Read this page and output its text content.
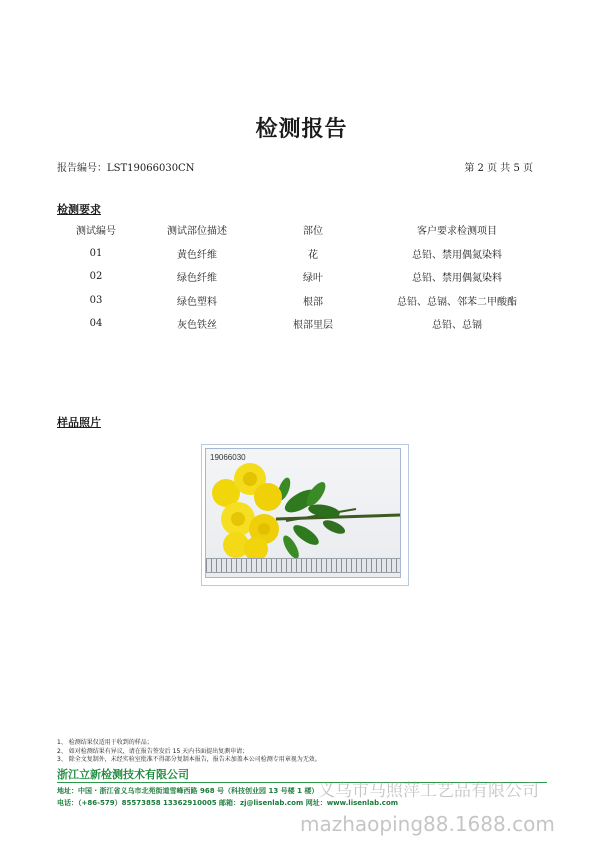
检测报告
报告编号：LST19066030CN	第 2 页 共 5 页
检测要求
测试编号	测试部位描述	部位	客户要求检测项目
01	黄色纤维	花	总铅、禁用偶氮染料
02	绿色纤维	绿叶	总铅、禁用偶氮染料
03	绿色塑料	根部	总铅、总镉、邻苯二甲酸酯
04	灰色铁丝	根部里层	总铅、总镉
样品照片
19066030
1、 检测结果仅适用于收到的样品；
2、 如对检测结果有异议，请在报告签发后 15 天内书面提出复测申请；
3、 除全文复制外，未经实验室批准不得部分复制本报告，报告未加盖本公司检测专用章视为无效。
浙江立新检测技术有限公司
地址：中国 · 浙江省义乌市北苑街道雪峰西路 968 号（科技创业园 13 号楼 1 楼）
电话：（+86-579）85573858 13362910005 邮箱：zj@lisenlab.com 网址：www.lisenlab.com
义乌市马照萍工艺品有限公司
mazhaoping88.1688.com
